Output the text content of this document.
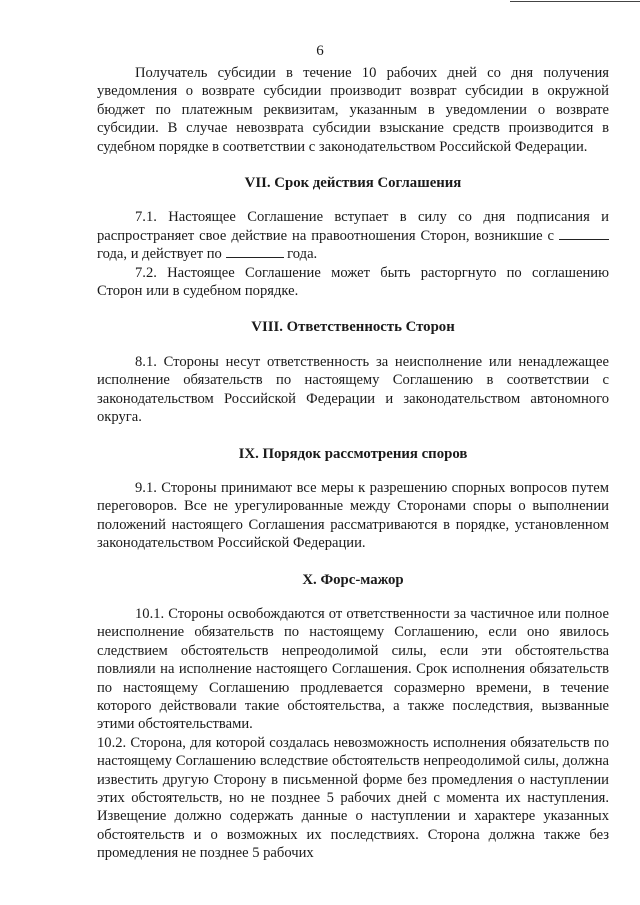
6

Получатель субсидии в течение 10 рабочих дней со дня получения уведомления о возврате субсидии производит возврат субсидии в окружной бюджет по платежным реквизитам, указанным в уведомлении о возврате субсидии. В случае невозврата субсидии взыскание средств производится в судебном порядке в соответствии с законодательством Российской Федерации.

VII. Срок действия Соглашения

7.1. Настоящее Соглашение вступает в силу со дня подписания и распространяет свое действие на правоотношения Сторон, возникшие с  года, и действует по	года.

7.2. Настоящее Соглашение может быть расторгнуто по соглашению Сторон или в судебном порядке.

VIII. Ответственность Сторон

8.1. Стороны несут ответственность за неисполнение или ненадлежащее исполнение обязательств по настоящему Соглашению в соответствии с законодательством Российской Федерации и законодательством автономного округа.

IX. Порядок рассмотрения споров

9.1. Стороны принимают все меры к разрешению спорных вопросов путем переговоров. Все не урегулированные между Сторонами споры о выполнении положений настоящего Соглашения рассматриваются в порядке, установленном законодательством Российской Федерации.

X. Форс-мажор

10.1. Стороны освобождаются от ответственности за частичное или полное неисполнение обязательств по настоящему Соглашению, если оно явилось следствием обстоятельств непреодолимой силы, если эти обстоятельства повлияли на исполнение настоящего Соглашения. Срок исполнения обязательств по настоящему Соглашению продлевается соразмерно времени, в течение которого действовали такие обстоятельства, а также последствия, вызванные этими обстоятельствами.

10.2. Сторона, для которой создалась невозможность исполнения обязательств по настоящему Соглашению вследствие обстоятельств непреодолимой силы, должна известить другую Сторону в письменной форме без промедления о наступлении этих обстоятельств, но не позднее 5 рабочих дней с момента их наступления. Извещение должно содержать данные о наступлении и характере указанных обстоятельств и о возможных их последствиях. Сторона должна также без промедления не позднее 5 рабочих
